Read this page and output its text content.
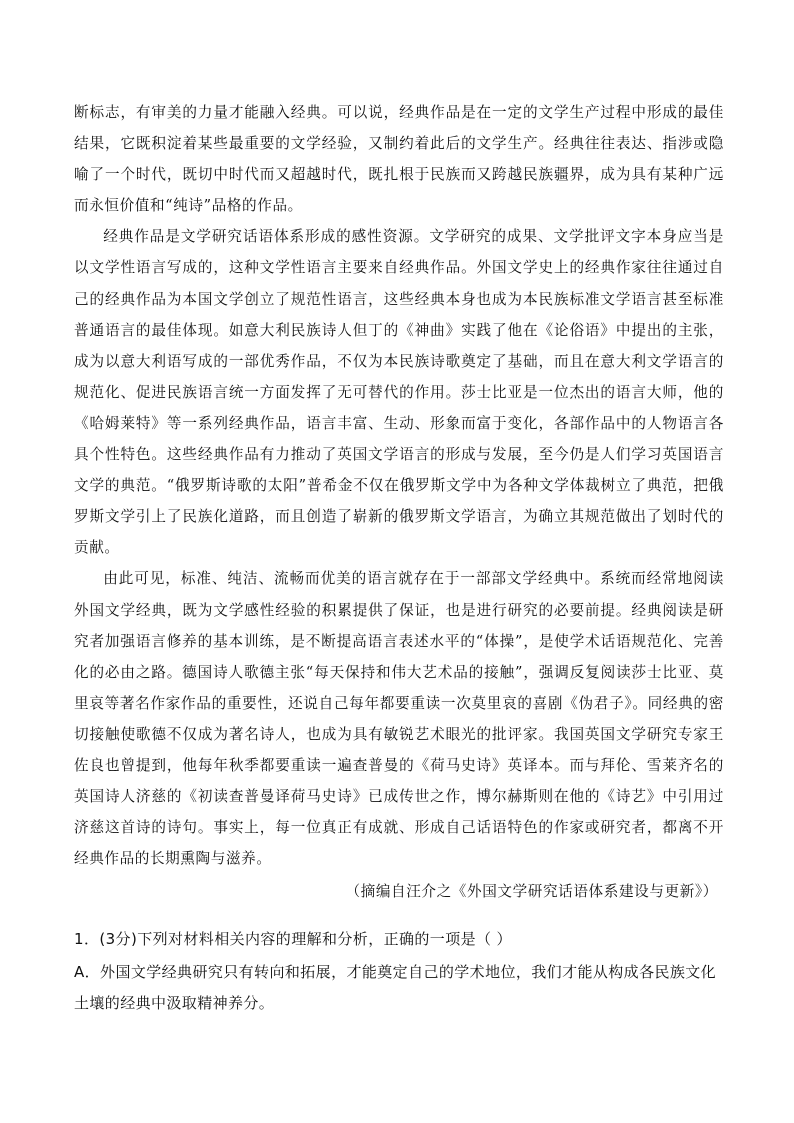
断标志，有审美的力量才能融入经典。可以说，经典作品是在一定的文学生产过程中形成的最佳结果，它既积淀着某些最重要的文学经验，又制约着此后的文学生产。经典往往表达、指涉或隐喻了一个时代，既切中时代而又超越时代，既扎根于民族而又跨越民族疆界，成为具有某种广远而永恒价值和“纯诗”品格的作品。

经典作品是文学研究话语体系形成的感性资源。文学研究的成果、文学批评文字本身应当是以文学性语言写成的，这种文学性语言主要来自经典作品。外国文学史上的经典作家往往通过自己的经典作品为本国文学创立了规范性语言，这些经典本身也成为本民族标准文学语言甚至标准普通语言的最佳体现。如意大利民族诗人但丁的《神曲》实践了他在《论俗语》中提出的主张，成为以意大利语写成的一部优秀作品，不仅为本民族诗歌奠定了基础，而且在意大利文学语言的规范化、促进民族语言统一方面发挥了无可替代的作用。莎士比亚是一位杰出的语言大师，他的《哈姆莱特》等一系列经典作品，语言丰富、生动、形象而富于变化，各部作品中的人物语言各具个性特色。这些经典作品有力推动了英国文学语言的形成与发展，至今仍是人们学习英国语言文学的典范。“俄罗斯诗歌的太阳”普希金不仅在俄罗斯文学中为各种文学体裁树立了典范，把俄罗斯文学引上了民族化道路，而且创造了崭新的俄罗斯文学语言，为确立其规范做出了划时代的贡献。

由此可见，标准、纯洁、流畅而优美的语言就存在于一部部文学经典中。系统而经常地阅读外国文学经典，既为文学感性经验的积累提供了保证，也是进行研究的必要前提。经典阅读是研究者加强语言修养的基本训练，是不断提高语言表述水平的“体操”，是使学术话语规范化、完善化的必由之路。德国诗人歌德主张“每天保持和伟大艺术品的接触”，强调反复阅读莎士比亚、莫里哀等著名作家作品的重要性，还说自己每年都要重读一次莫里哀的喜剧《伪君子》。同经典的密切接触使歌德不仅成为著名诗人，也成为具有敏锐艺术眼光的批评家。我国英国文学研究专家王佐良也曾提到，他每年秋季都要重读一遍查普曼的《荷马史诗》英译本。而与拜伦、雪莱齐名的英国诗人济慈的《初读查普曼译荷马史诗》已成传世之作，博尔赫斯则在他的《诗艺》中引用过济慈这首诗的诗句。事实上，每一位真正有成就、形成自己话语特色的作家或研究者，都离不开经典作品的长期熏陶与滋养。

（摘编自汪介之《外国文学研究话语体系建设与更新》）

1．(3分)下列对材料相关内容的理解和分析，正确的一项是（ ）

A．外国文学经典研究只有转向和拓展，才能奠定自己的学术地位，我们才能从构成各民族文化土壤的经典中汲取精神养分。
